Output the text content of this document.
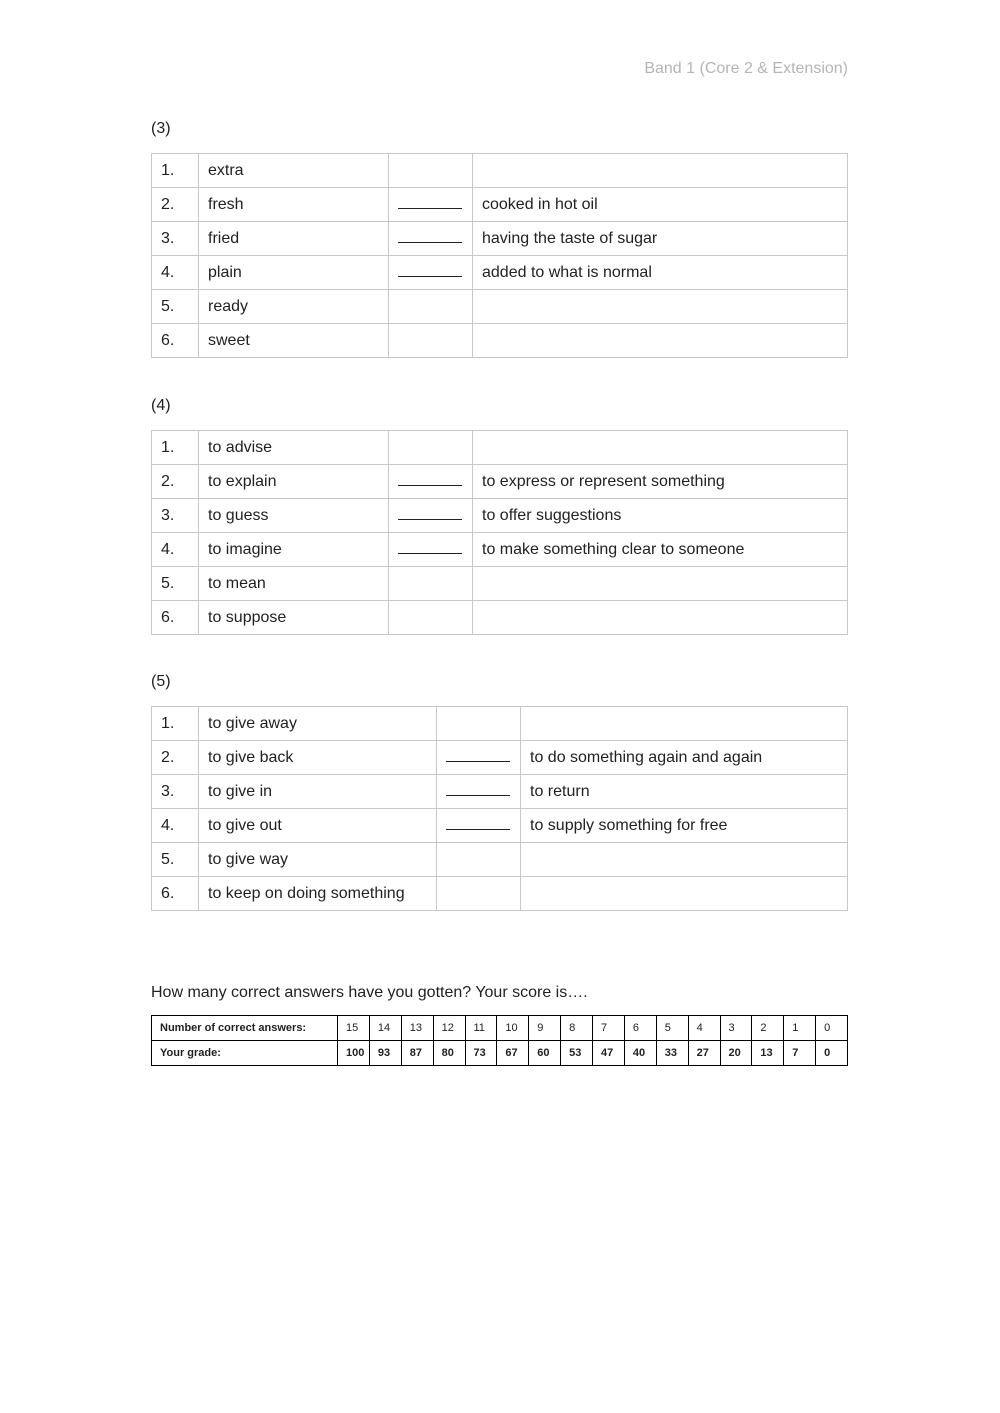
Band 1 (Core 2 & Extension)
(3)
1.	extra		
2.	fresh		cooked in hot oil
3.	fried		having the taste of sugar
4.	plain		added to what is normal
5.	ready		
6.	sweet		
(4)
1.	to advise		
2.	to explain		to express or represent something
3.	to guess		to offer suggestions
4.	to imagine		to make something clear to someone
5.	to mean		
6.	to suppose		
(5)
1.	to give away		
2.	to give back		to do something again and again
3.	to give in		to return
4.	to give out		to supply something for free
5.	to give way		
6.	to keep on doing something		
How many correct answers have you gotten? Your score is….
Number of correct answers:	15	14	13	12	11	10	9	8	7	6	5	4	3	2	1	0
Your grade:	100	93	87	80	73	67	60	53	47	40	33	27	20	13	7	0
